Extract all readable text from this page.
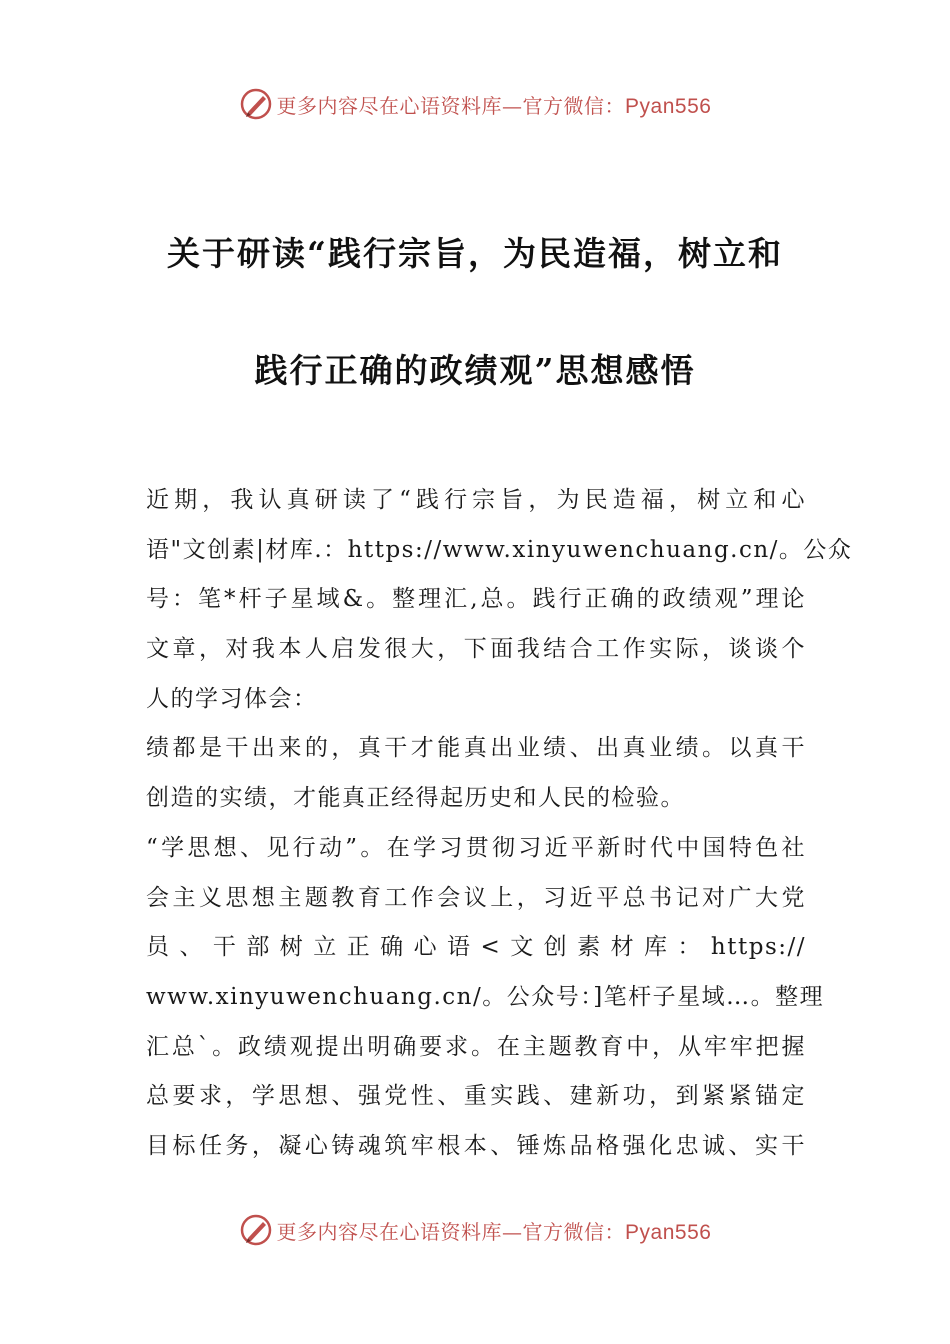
更多内容尽在心语资料库—官方微信：Pyan556
关于研读“践行宗旨，为民造福，树立和
践行正确的政绩观”思想感悟
近期，我认真研读了“践行宗旨，为民造福，树立和心
语"文创素|材库.：https://www.xinyuwenchuang.cn/。公众
号：笔*杆子星域&。整理汇,总。践行正确的政绩观”理论
文章，对我本人启发很大，下面我结合工作实际，谈谈个
人的学习体会：
绩都是干出来的，真干才能真出业绩、出真业绩。以真干
创造的实绩，才能真正经得起历史和人民的检验。
“学思想、见行动”。在学习贯彻习近平新时代中国特色社
会主义思想主题教育工作会议上，习近平总书记对广大党
员、干部树立正确心语<文创素材库：https://
www.xinyuwenchuang.cn/。公众号：]笔杆子星域…。整理
汇总`。政绩观提出明确要求。在主题教育中，从牢牢把握
总要求，学思想、强党性、重实践、建新功，到紧紧锚定
目标任务，凝心铸魂筑牢根本、锤炼品格强化忠诚、实干
更多内容尽在心语资料库—官方微信：Pyan556
